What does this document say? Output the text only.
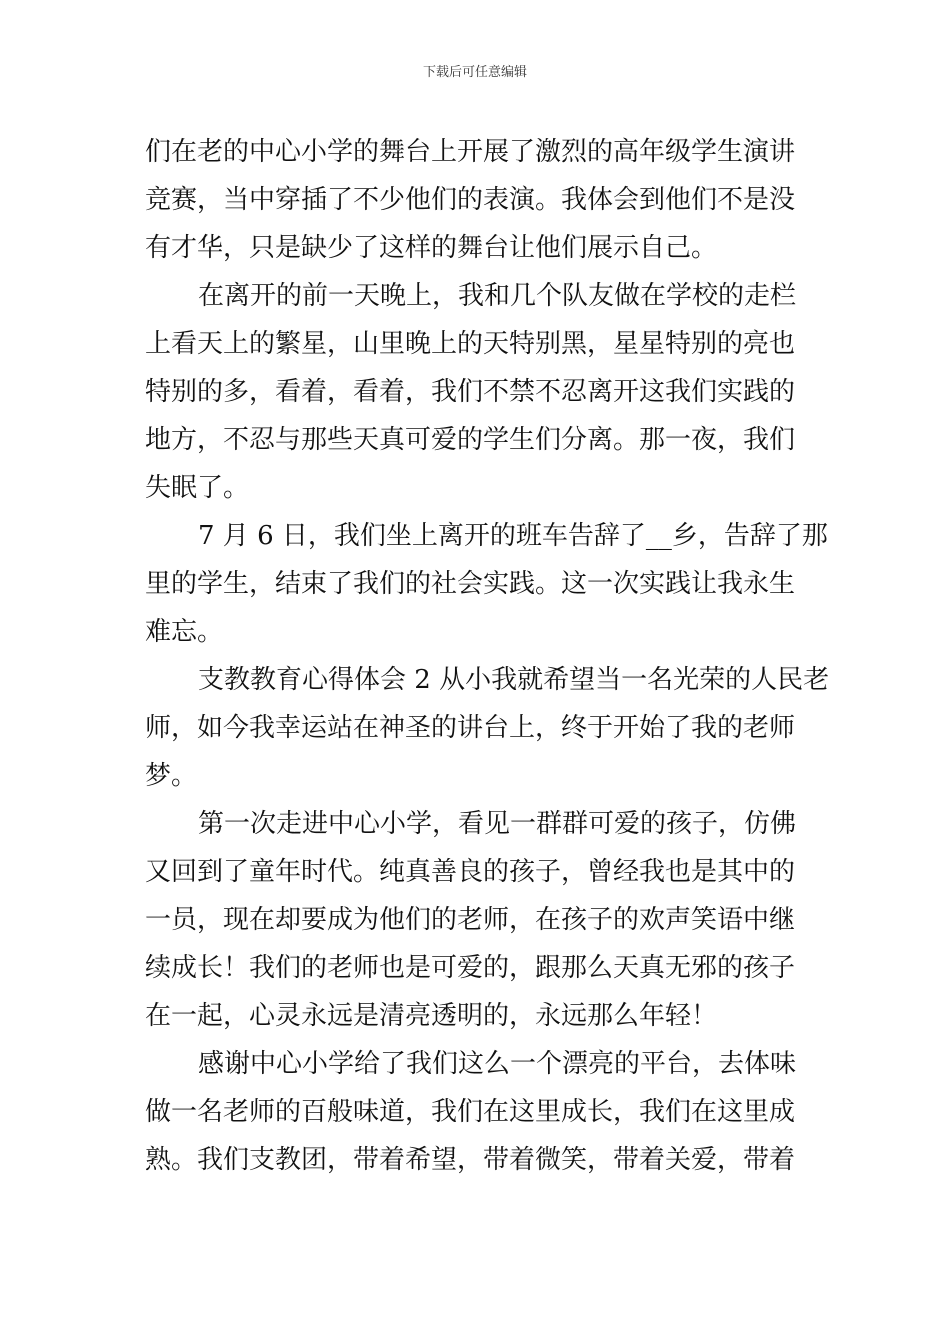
下载后可任意编辑
们在老的中心小学的舞台上开展了激烈的高年级学生演讲
竞赛，当中穿插了不少他们的表演。我体会到他们不是没
有才华，只是缺少了这样的舞台让他们展示自己。
在离开的前一天晚上，我和几个队友做在学校的走栏
上看天上的繁星，山里晚上的天特别黑，星星特别的亮也
特别的多，看着，看着，我们不禁不忍离开这我们实践的
地方，不忍与那些天真可爱的学生们分离。那一夜，我们
失眠了。
7 月 6 日，我们坐上离开的班车告辞了__乡，告辞了那
里的学生，结束了我们的社会实践。这一次实践让我永生
难忘。
支教教育心得体会 2 从小我就希望当一名光荣的人民老
师，如今我幸运站在神圣的讲台上，终于开始了我的老师
梦。
第一次走进中心小学，看见一群群可爱的孩子，仿佛
又回到了童年时代。纯真善良的孩子，曾经我也是其中的
一员，现在却要成为他们的老师，在孩子的欢声笑语中继
续成长！我们的老师也是可爱的，跟那么天真无邪的孩子
在一起，心灵永远是清亮透明的，永远那么年轻！
感谢中心小学给了我们这么一个漂亮的平台，去体味
做一名老师的百般味道，我们在这里成长，我们在这里成
熟。我们支教团，带着希望，带着微笑，带着关爱，带着
